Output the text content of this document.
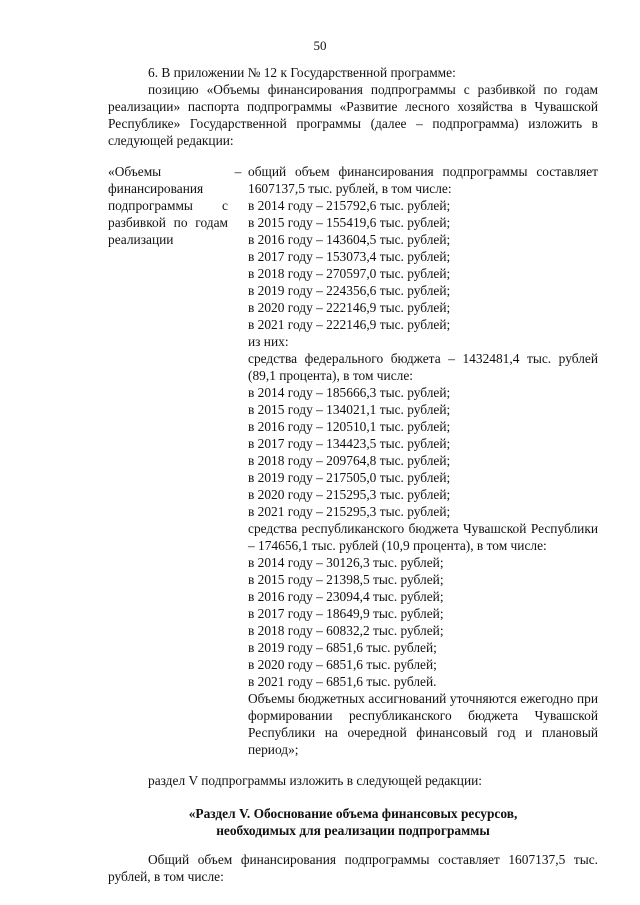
50

6. В приложении № 12 к Государственной программе:

позицию «Объемы финансирования подпрограммы с разбивкой по годам реализации» паспорта подпрограммы «Развитие лесного хозяйства в Чувашской Республике» Государственной программы (далее – подпрограмма) изложить в следующей редакции:

«Объемы финансирования подпрограммы с разбивкой по годам реализации
– общий объем финансирования подпрограммы составляет 1607137,5 тыс. рублей, в том числе:
в 2014 году – 215792,6 тыс. рублей;
в 2015 году – 155419,6 тыс. рублей;
в 2016 году – 143604,5 тыс. рублей;
в 2017 году – 153073,4 тыс. рублей;
в 2018 году – 270597,0 тыс. рублей;
в 2019 году – 224356,6 тыс. рублей;
в 2020 году – 222146,9 тыс. рублей;
в 2021 году – 222146,9 тыс. рублей;
из них:
средства федерального бюджета – 1432481,4 тыс. рублей (89,1 процента), в том числе:
в 2014 году – 185666,3 тыс. рублей;
в 2015 году – 134021,1 тыс. рублей;
в 2016 году – 120510,1 тыс. рублей;
в 2017 году – 134423,5 тыс. рублей;
в 2018 году – 209764,8 тыс. рублей;
в 2019 году – 217505,0 тыс. рублей;
в 2020 году – 215295,3 тыс. рублей;
в 2021 году – 215295,3 тыс. рублей;
средства республиканского бюджета Чувашской Республики – 174656,1 тыс. рублей (10,9 процента), в том числе:
в 2014 году – 30126,3 тыс. рублей;
в 2015 году – 21398,5 тыс. рублей;
в 2016 году – 23094,4 тыс. рублей;
в 2017 году – 18649,9 тыс. рублей;
в 2018 году – 60832,2 тыс. рублей;
в 2019 году – 6851,6 тыс. рублей;
в 2020 году – 6851,6 тыс. рублей;
в 2021 году – 6851,6 тыс. рублей.
Объемы бюджетных ассигнований уточняются ежегодно при формировании республиканского бюджета Чувашской Республики на очередной финансовый год и плановый период»;

раздел V подпрограммы изложить в следующей редакции:

«Раздел V. Обоснование объема финансовых ресурсов,
необходимых для реализации подпрограммы

Общий объем финансирования подпрограммы составляет 1607137,5 тыс. рублей, в том числе:
